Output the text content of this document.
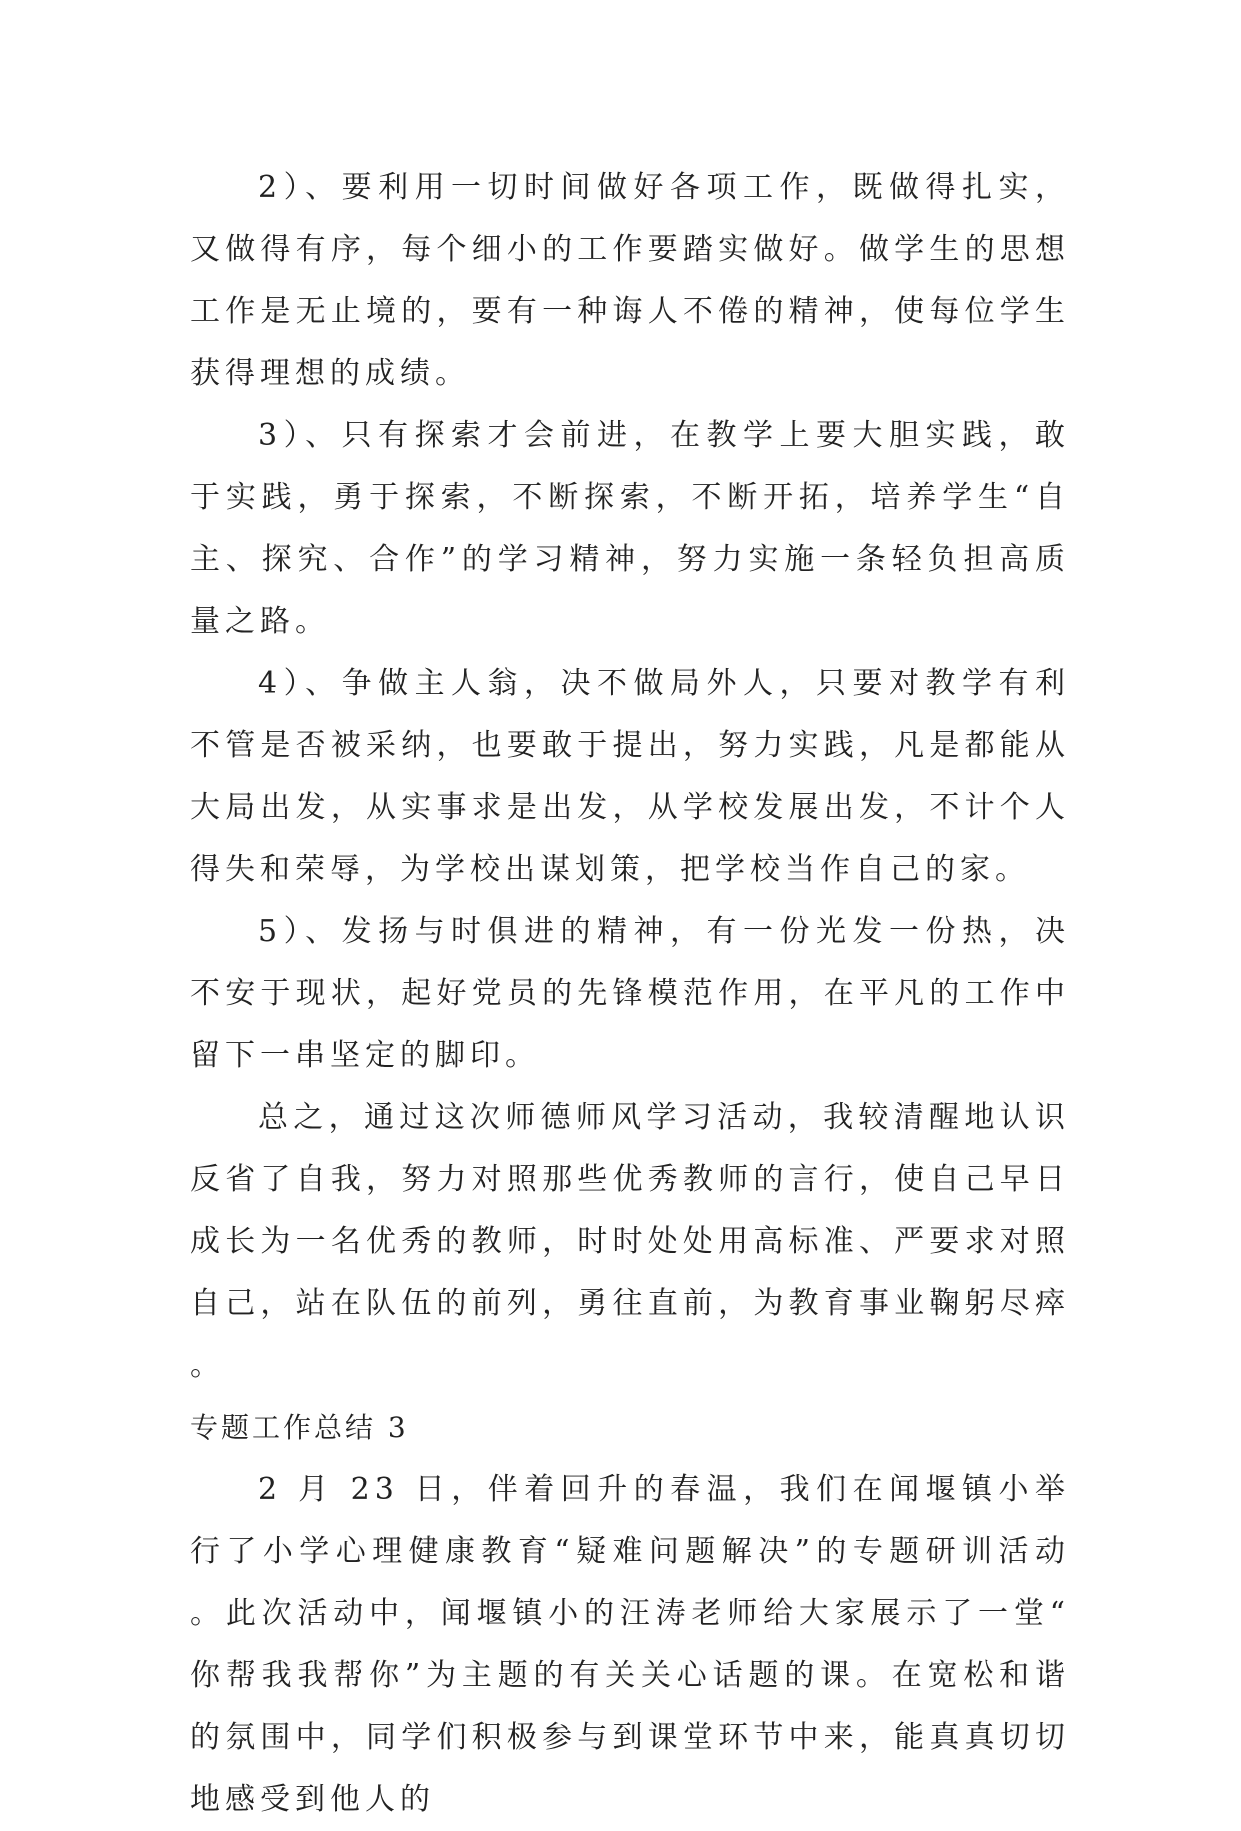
2）、要利用一切时间做好各项工作，既做得扎实，又做得有序，每个细小的工作要踏实做好。做学生的思想工作是无止境的，要有一种诲人不倦的精神，使每位学生获得理想的成绩。

3）、只有探索才会前进，在教学上要大胆实践，敢于实践，勇于探索，不断探索，不断开拓，培养学生“自主、探究、合作”的学习精神，努力实施一条轻负担高质量之路。

4）、争做主人翁，决不做局外人，只要对教学有利不管是否被采纳，也要敢于提出，努力实践，凡是都能从大局出发，从实事求是出发，从学校发展出发，不计个人得失和荣辱，为学校出谋划策，把学校当作自己的家。

5）、发扬与时俱进的精神，有一份光发一份热，决不安于现状，起好党员的先锋模范作用，在平凡的工作中留下一串坚定的脚印。

总之，通过这次师德师风学习活动，我较清醒地认识反省了自我，努力对照那些优秀教师的言行，使自己早日成长为一名优秀的教师，时时处处用高标准、严要求对照自己，站在队伍的前列，勇往直前，为教育事业鞠躬尽瘁。

专题工作总结 3

2 月 23 日，伴着回升的春温，我们在闻堰镇小举行了小学心理健康教育“疑难问题解决”的专题研训活动。此次活动中，闻堰镇小的汪涛老师给大家展示了一堂“你帮我我帮你”为主题的有关关心话题的课。在宽松和谐的氛围中，同学们积极参与到课堂环节中来，能真真切切地感受到他人的
